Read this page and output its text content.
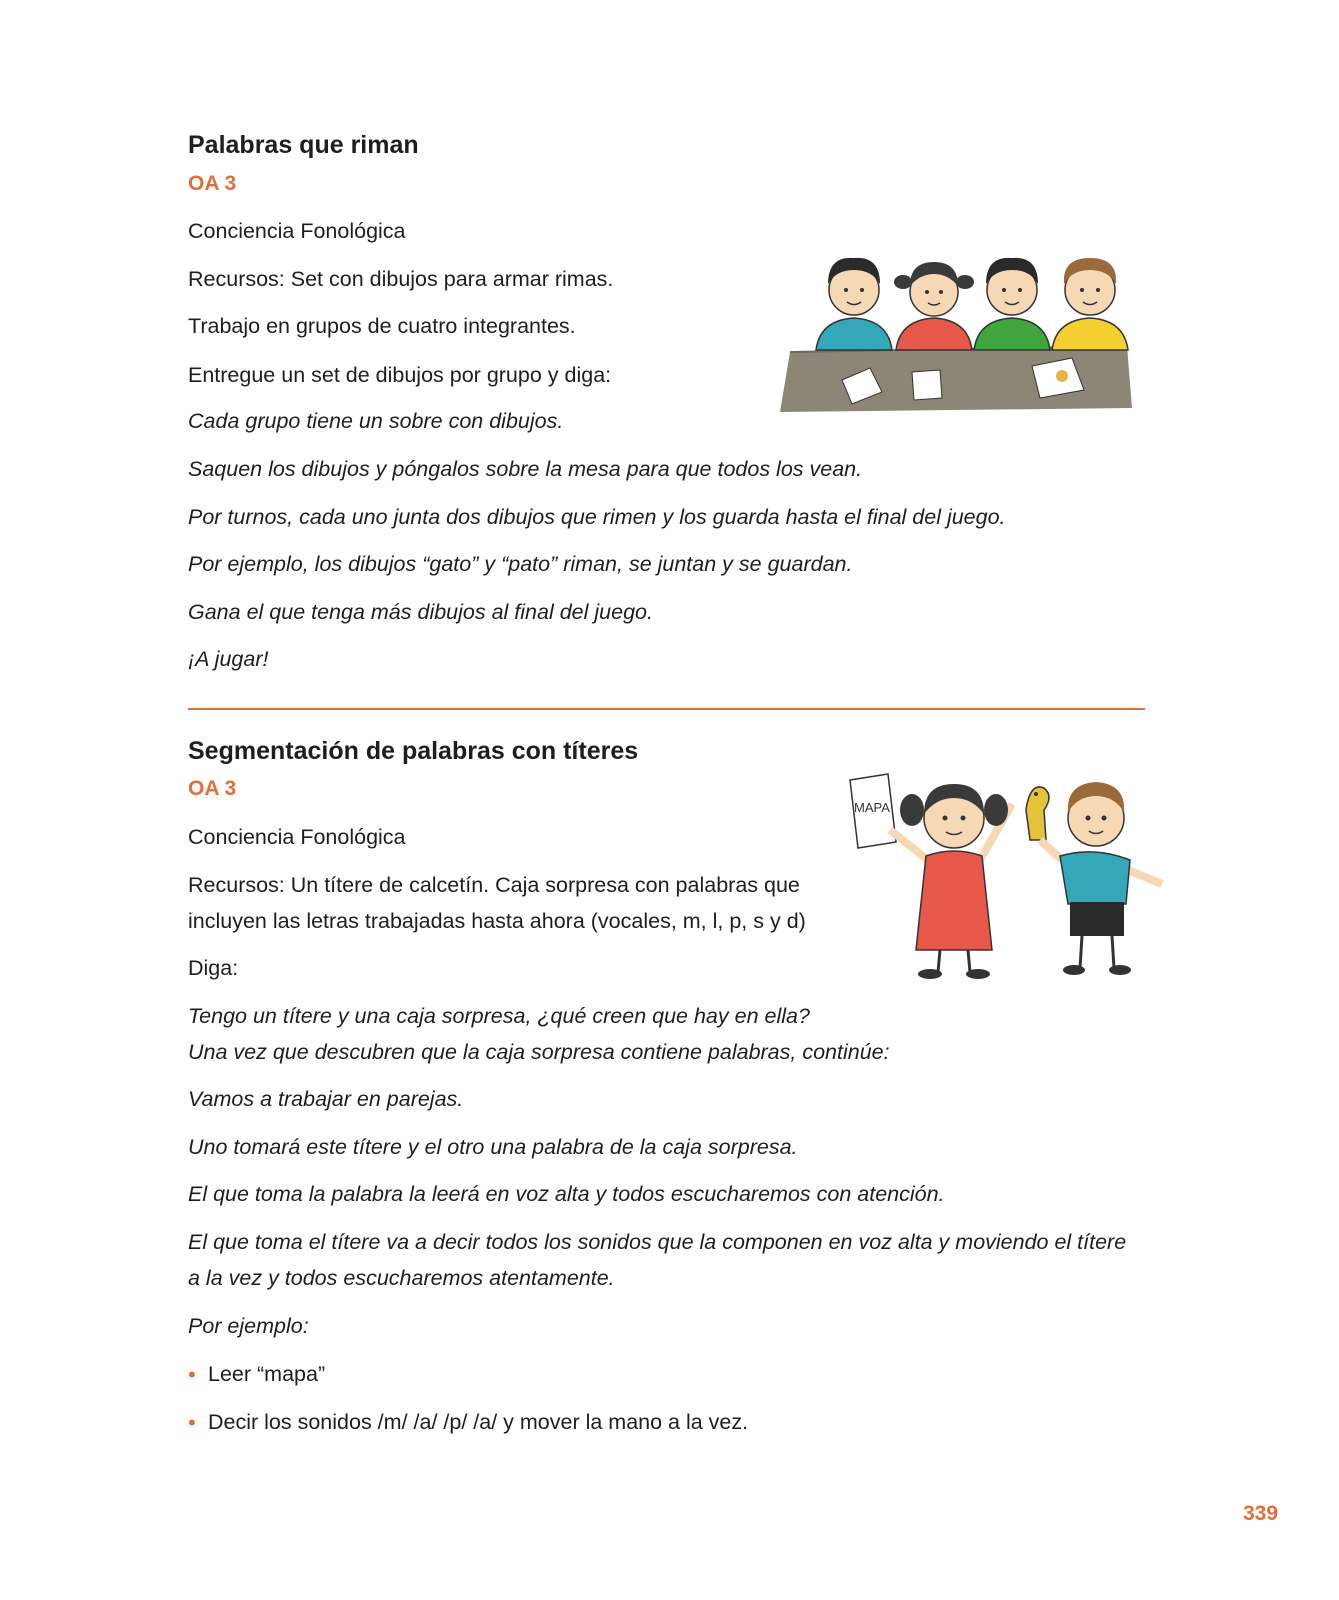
Palabras que riman
OA 3
Conciencia Fonológica
Recursos: Set con dibujos para armar rimas.
Trabajo en grupos de cuatro integrantes.
Entregue un set de dibujos por grupo y diga:
Cada grupo tiene un sobre con dibujos.
Saquen los dibujos y póngalos sobre la mesa para que todos los vean.
Por turnos, cada uno junta dos dibujos que rimen y los guarda hasta el final del juego.
Por ejemplo, los dibujos “gato” y “pato” riman, se juntan y se guardan.
Gana el que tenga más dibujos al final del juego.
¡A jugar!
Segmentación de palabras con títeres
OA 3
Conciencia Fonológica
Recursos: Un títere de calcetín. Caja sorpresa con palabras que
incluyen las letras trabajadas hasta ahora (vocales, m, l, p, s y d)
Diga:
Tengo un títere y una caja sorpresa, ¿qué creen que hay en ella?
Una vez que descubren que la caja sorpresa contiene palabras, continúe:
Vamos a trabajar en parejas.
Uno tomará este títere y el otro una palabra de la caja sorpresa.
El que toma la palabra la leerá en voz alta y todos escucharemos con atención.
El que toma el títere va a decir todos los sonidos que la componen en voz alta y moviendo el títere
a la vez y todos escucharemos atentamente.
Por ejemplo:
• Leer “mapa”
• Decir los sonidos /m/ /a/ /p/ /a/ y mover la mano a la vez.
MAPA
339
